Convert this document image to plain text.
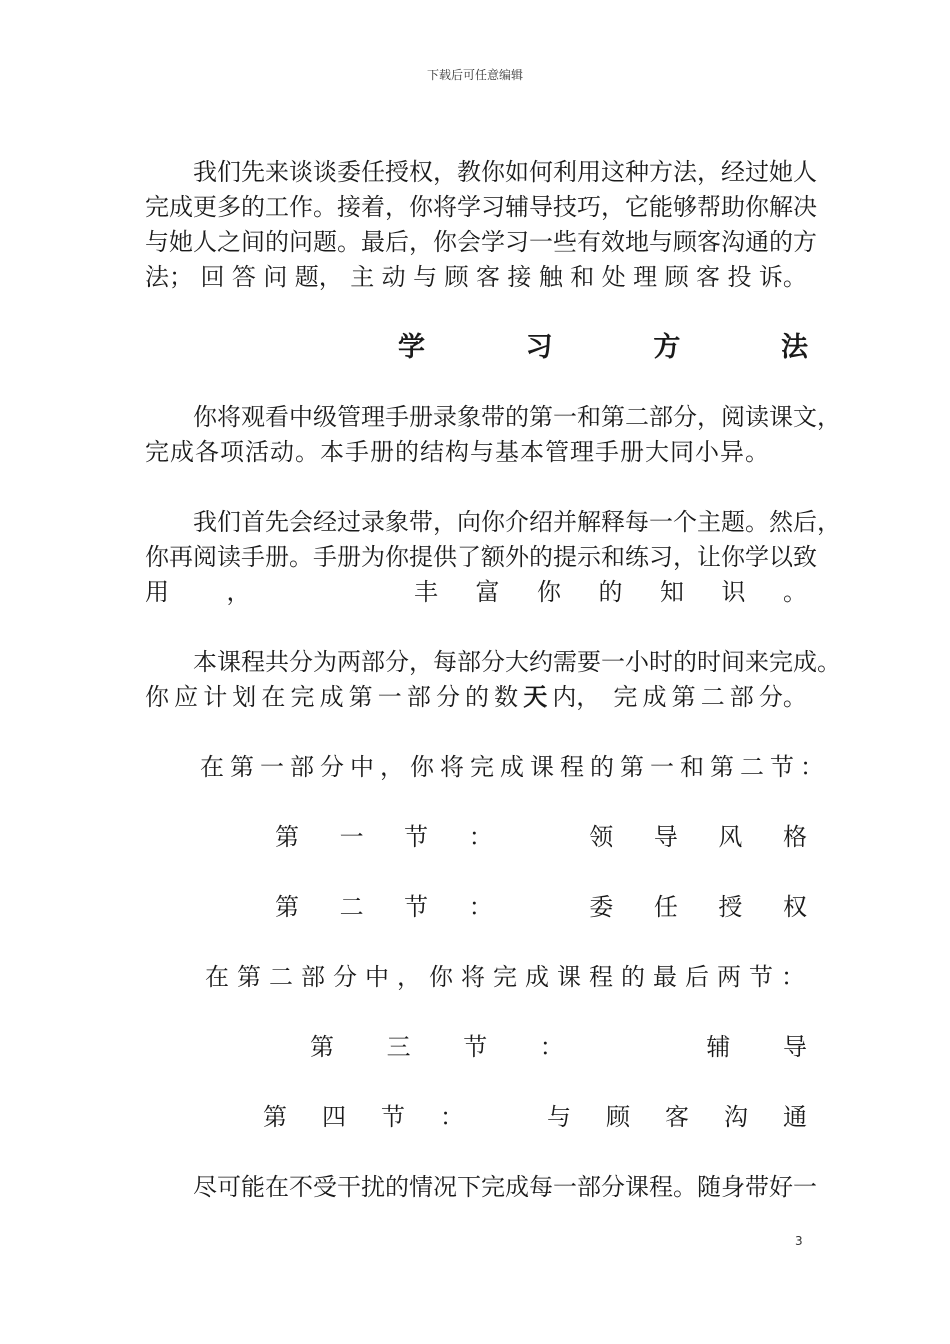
下载后可任意编辑
我们先来谈谈委任授权，教你如何利用这种方法，经过她人
完成更多的工作。接着，你将学习辅导技巧，它能够帮助你解决
与她人之间的问题。最后，你会学习一些有效地与顾客沟通的方
法； 回 答 问 题， 主 动 与 顾 客 接 触 和 处 理 顾 客 投 诉。
学	习	方	法
你将观看中级管理手册录象带的第一和第二部分，阅读课文，
完成各项活动。本手册的结构与基本管理手册大同小异。
我们首先会经过录象带，向你介绍并解释每一个主题。然后，
你再阅读手册。手册为你提供了额外的提示和练习，让你学以致
用	，	丰 富 你 的 知 识 。
本课程共分为两部分，每部分大约需要一小时的时间来完成。
你 应 计 划 在 完 成 第 一 部 分 的 数 天 内， 完 成 第 二 部 分。
在第一部分中，你将完成课程的第一和第二节：
第 一 节 ：	领 导 风 格
第 二 节 ：	委 任 授 权
在第二部分中，你将完成课程的最后两节：
第 三 节 ：	辅 导
第 四 节 ：	与 顾 客 沟 通
尽可能在不受干扰的情况下完成每一部分课程。随身带好一
3
